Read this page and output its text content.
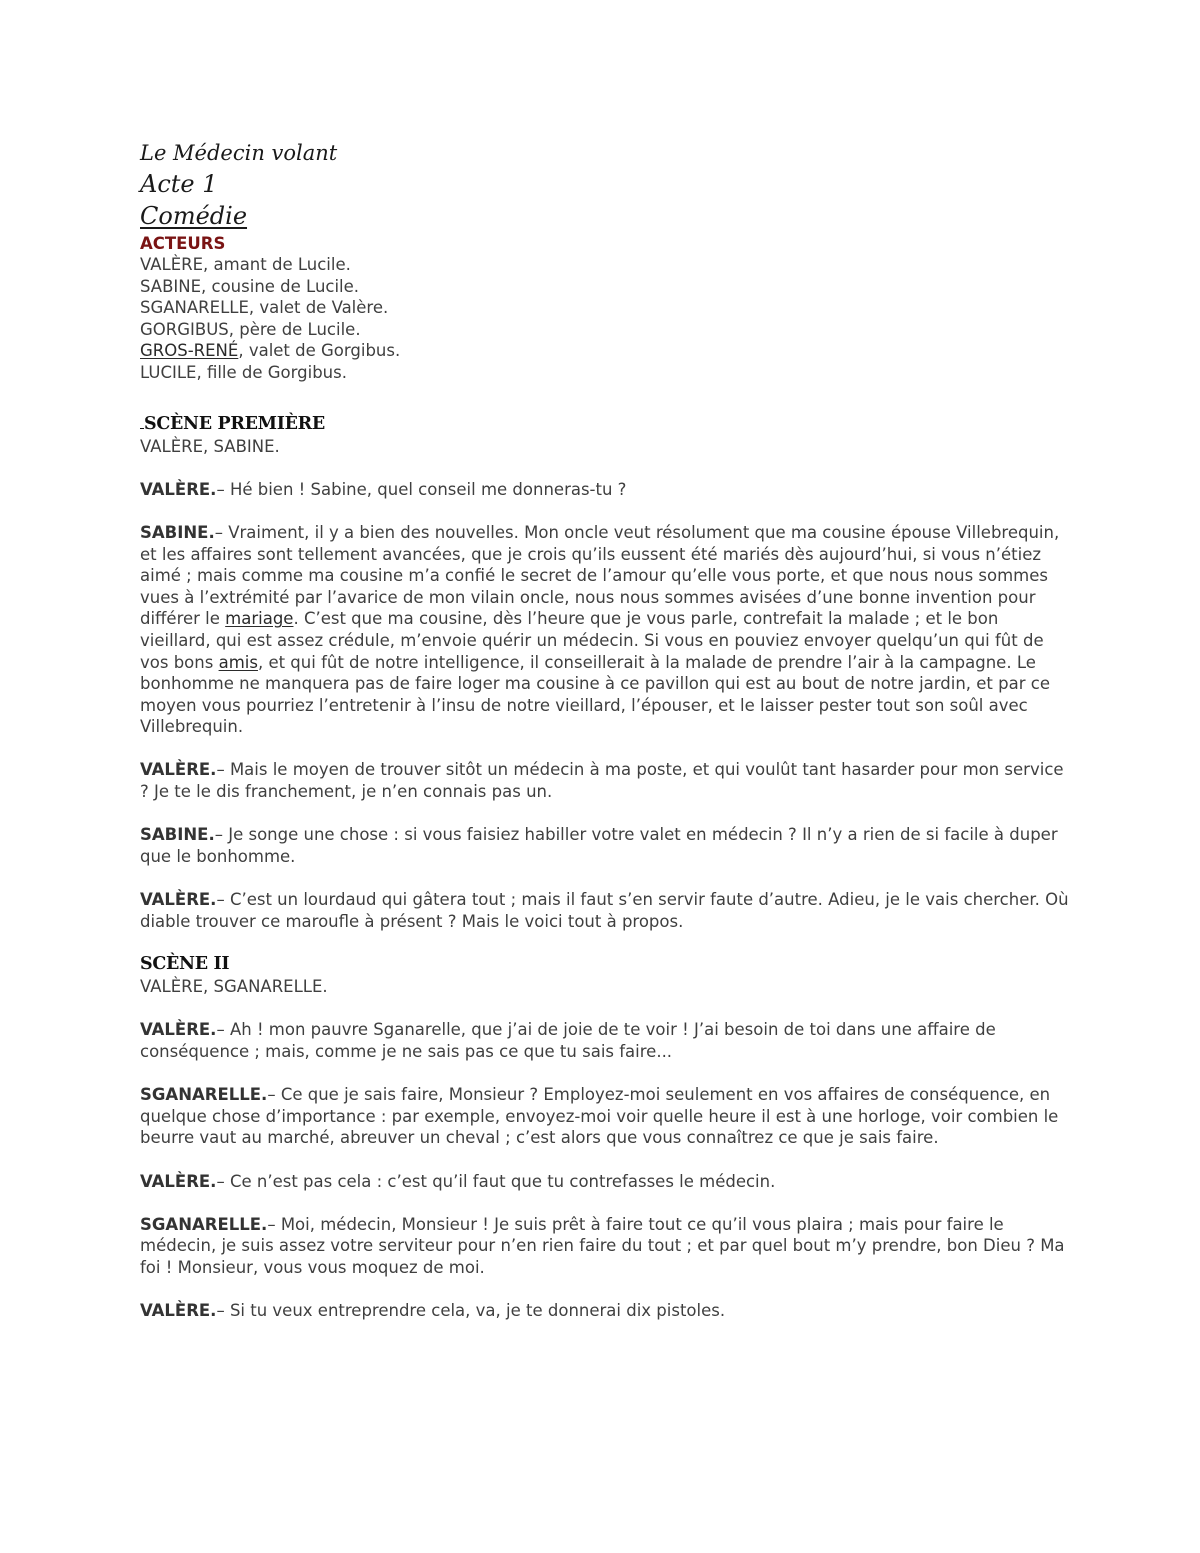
Le Médecin volant
Acte 1
Comédie
ACTEURS

VALÈRE, amant de Lucile.

SABINE, cousine de Lucile.

SGANARELLE, valet de Valère.

GORGIBUS, père de Lucile.

GROS-RENÉ, valet de Gorgibus.

LUCILE, fille de Gorgibus.

SCÈNE PREMIÈRE

VALÈRE, SABINE.

VALÈRE.– Hé bien ! Sabine, quel conseil me donneras-tu ?

SABINE.– Vraiment, il y a bien des nouvelles. Mon oncle veut résolument que ma cousine épouse Villebrequin, et les affaires sont tellement avancées, que je crois qu’ils eussent été mariés dès aujourd’hui, si vous n’étiez aimé ; mais comme ma cousine m’a confié le secret de l’amour qu’elle vous porte, et que nous nous sommes vues à l’extrémité par l’avarice de mon vilain oncle, nous nous sommes avisées d’une bonne invention pour différer le mariage. C’est que ma cousine, dès l’heure que je vous parle, contrefait la malade ; et le bon vieillard, qui est assez crédule, m’envoie quérir un médecin. Si vous en pouviez envoyer quelqu’un qui fût de vos bons amis, et qui fût de notre intelligence, il conseillerait à la malade de prendre l’air à la campagne. Le bonhomme ne manquera pas de faire loger ma cousine à ce pavillon qui est au bout de notre jardin, et par ce moyen vous pourriez l’entretenir à l’insu de notre vieillard, l’épouser, et le laisser pester tout son soûl avec Villebrequin.

VALÈRE.– Mais le moyen de trouver sitôt un médecin à ma poste, et qui voulût tant hasarder pour mon service ? Je te le dis franchement, je n’en connais pas un.

SABINE.– Je songe une chose : si vous faisiez habiller votre valet en médecin ? Il n’y a rien de si facile à duper que le bonhomme.

VALÈRE.– C’est un lourdaud qui gâtera tout ; mais il faut s’en servir faute d’autre. Adieu, je le vais chercher. Où diable trouver ce maroufle à présent ? Mais le voici tout à propos.

SCÈNE II

VALÈRE, SGANARELLE.

VALÈRE.– Ah ! mon pauvre Sganarelle, que j’ai de joie de te voir ! J’ai besoin de toi dans une affaire de conséquence ; mais, comme je ne sais pas ce que tu sais faire...

SGANARELLE.– Ce que je sais faire, Monsieur ? Employez-moi seulement en vos affaires de conséquence, en quelque chose d’importance : par exemple, envoyez-moi voir quelle heure il est à une horloge, voir combien le beurre vaut au marché, abreuver un cheval ; c’est alors que vous connaîtrez ce que je sais faire.

VALÈRE.– Ce n’est pas cela : c’est qu’il faut que tu contrefasses le médecin.

SGANARELLE.– Moi, médecin, Monsieur ! Je suis prêt à faire tout ce qu’il vous plaira ; mais pour faire le médecin, je suis assez votre serviteur pour n’en rien faire du tout ; et par quel bout m’y prendre, bon Dieu ? Ma foi ! Monsieur, vous vous moquez de moi.

VALÈRE.– Si tu veux entreprendre cela, va, je te donnerai dix pistoles.
